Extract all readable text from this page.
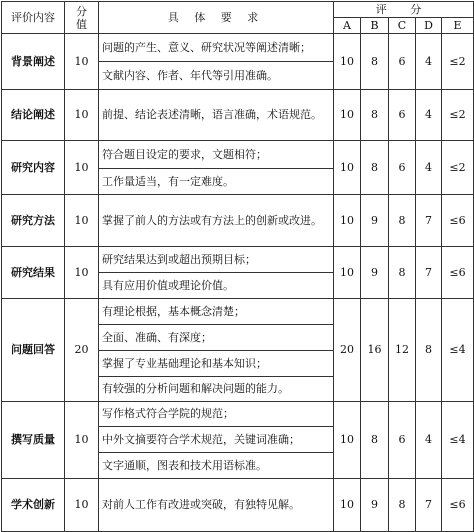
评价内容	分
值	具 体 要 求	评 分				
			A	B	C	D	E
背景阐述	10	问题的产生、意义、研究状况等阐述清晰；	10	8	6	4	≤2
		文献内容、作者、年代等引用准确。					
结论阐述	10	前提、结论表述清晰，语言准确，术语规范。	10	8	6	4	≤2
研究内容	10	符合题目设定的要求，文题相符；	10	8	6	4	≤2
		工作量适当，有一定难度。					
研究方法	10	掌握了前人的方法或有方法上的创新或改进。	10	9	8	7	≤6
研究结果	10	研究结果达到或超出预期目标；	10	9	8	7	≤6
		具有应用价值或理论价值。					
问题回答	20	有理论根据，基本概念清楚；	20	16	12	8	≤4
		全面、准确、有深度；					
		掌握了专业基础理论和基本知识；					
		有较强的分析问题和解决问题的能力。					
撰写质量	10	写作格式符合学院的规范；	10	8	6	4	≤4
		中外文摘要符合学术规范，关键词准确；					
		文字通顺，图表和技术用语标准。					
学术创新	10	对前人工作有改进或突破，有独特见解。	10	9	8	7	≤6
